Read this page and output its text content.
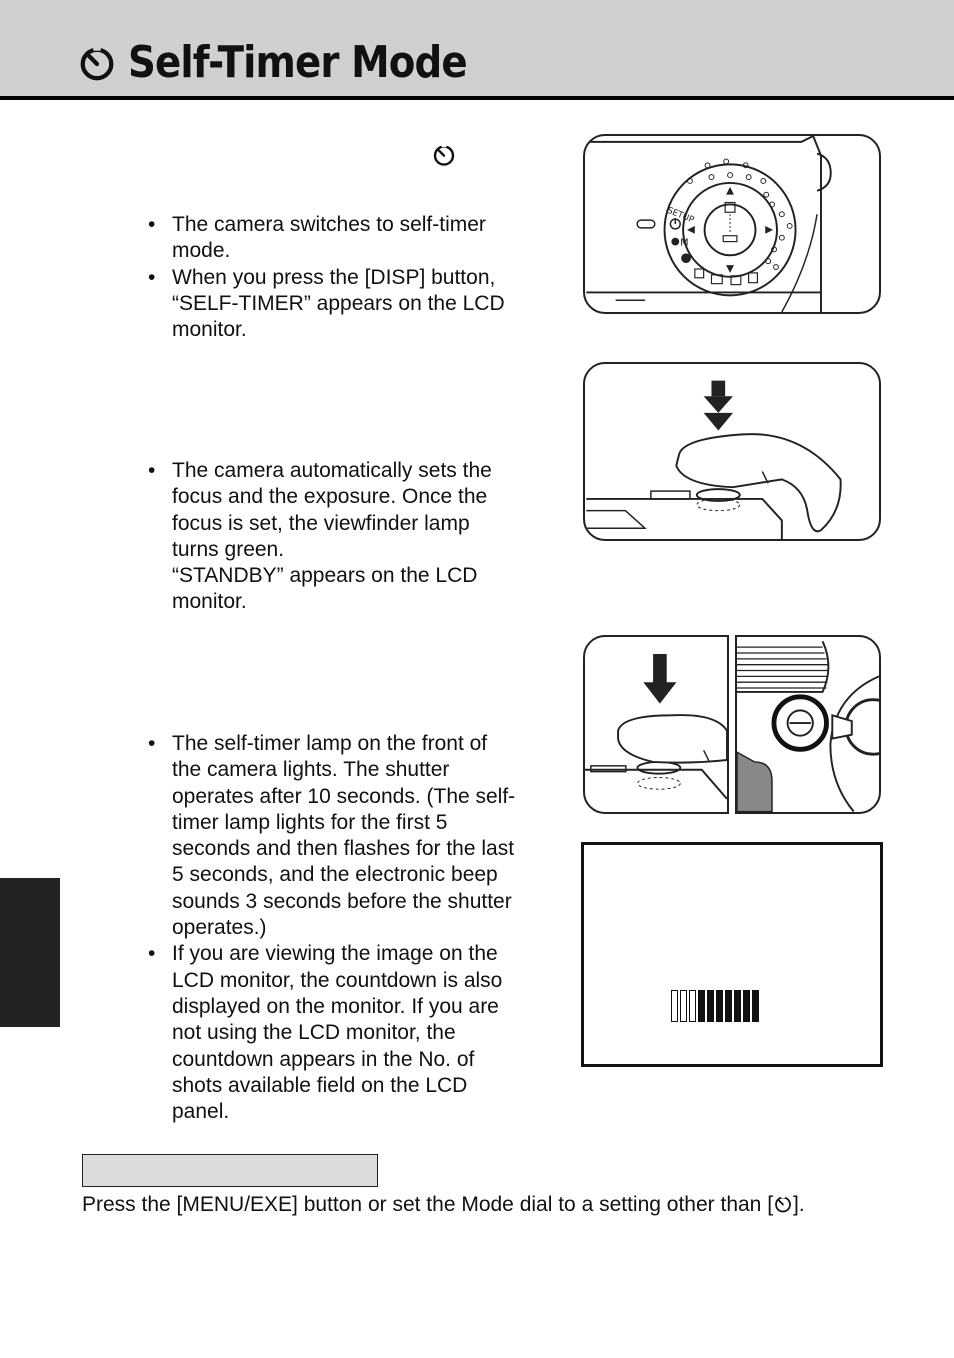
Self-Timer Mode
• The camera switches to self-timer
mode.
• When you press the [DISP] button,
“SELF-TIMER” appears on the LCD
monitor.
• The camera automatically sets the
focus and the exposure. Once the
focus is set, the viewfinder lamp
turns green.
“STANDBY” appears on the LCD
monitor.
• The self-timer lamp on the front of
the camera lights. The shutter
operates after 10 seconds. (The self-
timer lamp lights for the first 5
seconds and then flashes for the last
5 seconds, and the electronic beep
sounds 3 seconds before the shutter
operates.)
• If you are viewing the image on the
LCD monitor, the countdown is also
displayed on the monitor. If you are
not using the LCD monitor, the
countdown appears in the No. of
shots available field on the LCD
panel.
SETUP
M
Press the [MENU/EXE] button or set the Mode dial to a setting other than [ ].
